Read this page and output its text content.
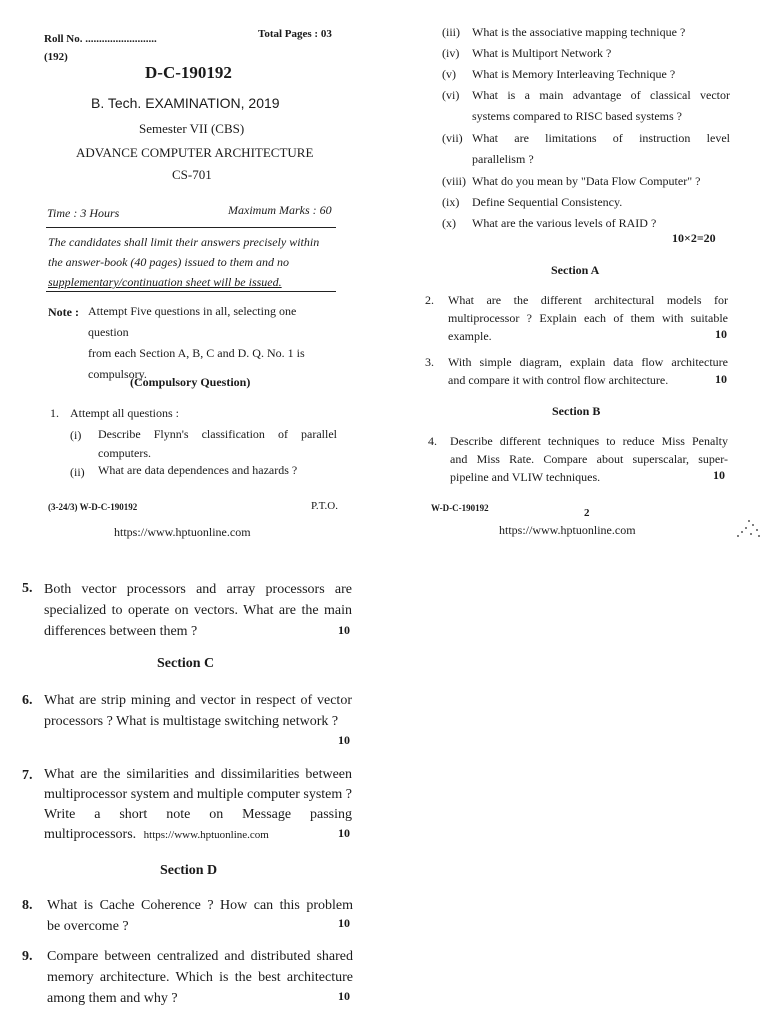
Roll No. ..........................	Total Pages : 03
(192)
D-C-190192
B. Tech. EXAMINATION, 2019
Semester VII (CBS)
ADVANCE COMPUTER ARCHITECTURE
CS-701
Time : 3 Hours	Maximum Marks : 60
The candidates shall limit their answers precisely within
the answer-book (40 pages) issued to them and no
supplementary/continuation sheet will be issued.
Note : Attempt Five questions in all, selecting one question
from each Section A, B, C and D. Q. No. 1 is
compulsory.
(Compulsory Question)
1. Attempt all questions :
(i) Describe Flynn's classification of parallel
computers.
(ii) What are data dependences and hazards ?
(3-24/3) W-D-C-190192	P.T.O.
https://www.hptuonline.com
(iii)	What is the associative mapping technique ?
(iv)	What is Multiport Network ?
(v)	What is Memory Interleaving Technique ?
(vi)	What is a main advantage of classical vector
systems compared to RISC based systems ?
(vii) What are limitations of instruction level
parallelism ?
(viii) What do you mean by "Data Flow Computer" ?
(ix)	Define Sequential Consistency.
(x)	What are the various levels of RAID ?
10×2=20
Section A
2. What are the different architectural models for
multiprocessor ? Explain each of them with suitable
example.	10
3. With simple diagram, explain data flow architecture
and compare it with control flow architecture.	10
Section B
4. Describe different techniques to reduce Miss Penalty
and Miss Rate. Compare about superscalar, super-
pipeline and VLIW techniques.	10
W-D-C-190192	2
https://www.hptuonline.com
5. Both vector processors and array processors are
specialized to operate on vectors. What are the main
differences between them ?	10
Section C
6. What are strip mining and vector in respect of vector
processors ? What is multistage switching network ?
10
7. What are the similarities and dissimilarities between
multiprocessor system and multiple computer system ?
Write a short note on Message passing
multiprocessors. https://www.hptuonline.com	10
Section D
8. What is Cache Coherence ? How can this problem
be overcome ?	10
9. Compare between centralized and distributed shared
memory architecture. Which is the best architecture
among them and why ?	10
